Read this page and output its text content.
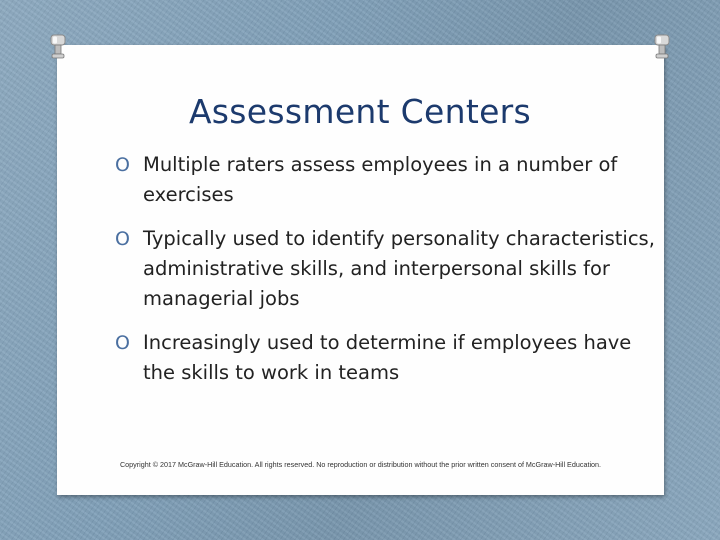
Assessment Centers
O Multiple raters assess employees in a number of exercises
O Typically used to identify personality characteristics, administrative skills, and interpersonal skills for managerial jobs
O Increasingly used to determine if employees have the skills to work in teams
Copyright © 2017 McGraw-Hill Education. All rights reserved. No reproduction or distribution without the prior written consent of McGraw-Hill Education.
